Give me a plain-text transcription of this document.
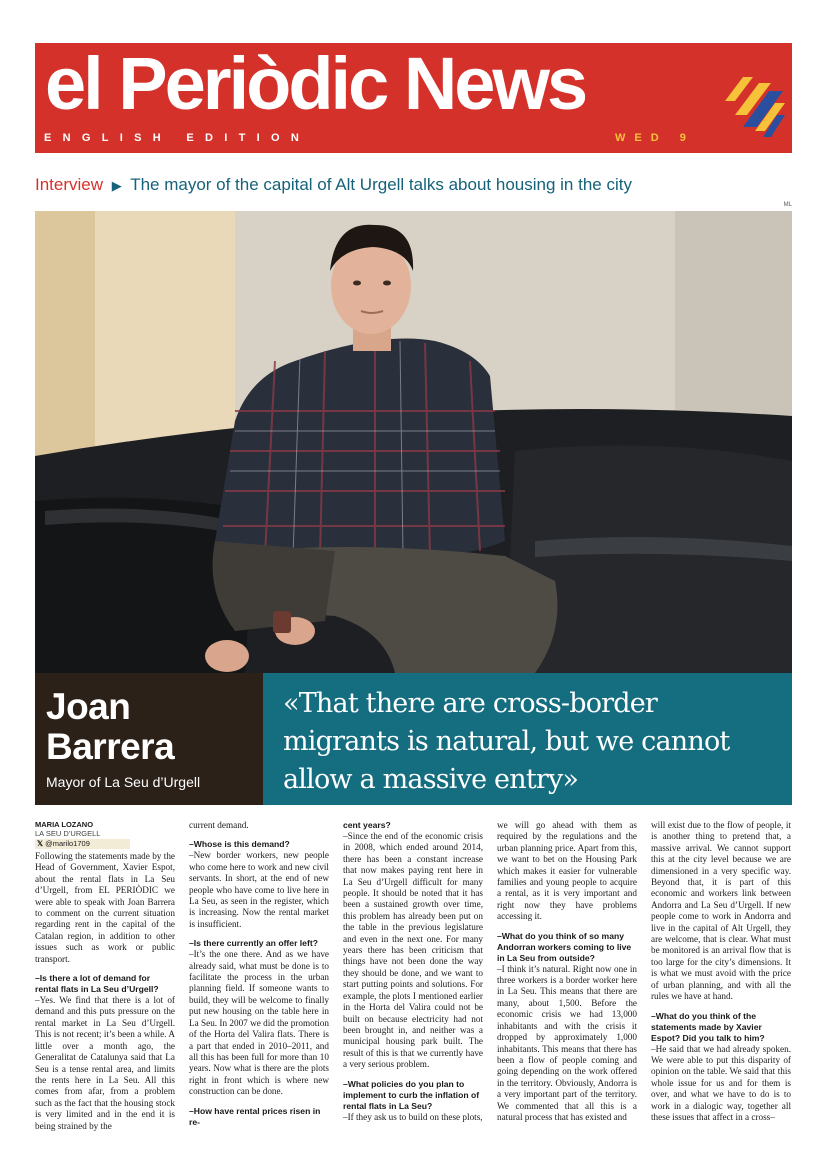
el Periòdic News
ENGLISH EDITION	WED 9
Interview ▶ The mayor of the capital of Alt Urgell talks about housing in the city
ML
Joan
Barrera
Mayor of La Seu d’Urgell
«That there are cross-border migrants is natural, but we cannot allow a massive entry»
MARIA LOZANO
LA SEU D’URGELL
𝕏 @marilo1709

Following the statements made by the Head of Government, Xavier Espot, about the rental flats in La Seu d’Urgell, from EL PERIÒDIC we were able to speak with Joan Barrera to comment on the current situation regarding rent in the capital of the Catalan region, in addition to other issues such as work or public transport.

–Is there a lot of demand for rental flats in La Seu d’Urgell?

–Yes. We find that there is a lot of demand and this puts pressure on the rental market in La Seu d’Urgell. This is not recent; it’s been a while. A little over a month ago, the Generalitat de Catalunya said that La Seu is a tense rental area, and limits the rents here in La Seu. All this comes from afar, from a problem such as the fact that the housing stock is very limited and in the end it is being strained by the

current demand.

–Whose is this demand?

–New border workers, new people who come here to work and new civil servants. In short, at the end of new people who have come to live here in La Seu, as seen in the register, which is increasing. Now the rental market is insufficient.

–Is there currently an offer left?

–It’s the one there. And as we have already said, what must be done is to facilitate the process in the urban planning field. If someone wants to build, they will be welcome to finally put new housing on the table here in La Seu. In 2007 we did the promotion of the Horta del Valira flats. There is a part that ended in 2010–2011, and all this has been full for more than 10 years. Now what is there are the plots right in front which is where new construction can be done.

–How have rental prices risen in re-

cent years?

–Since the end of the economic crisis in 2008, which ended around 2014, there has been a constant increase that now makes paying rent here in La Seu d’Urgell difficult for many people. It should be noted that it has been a sustained growth over time, this problem has already been put on the table in the previous legislature and even in the next one. For many years there has been criticism that things have not been done the way they should be done, and we want to start putting points and solutions. For example, the plots I mentioned earlier in the Horta del Valira could not be built on because electricity had not been brought in, and neither was a municipal housing park built. The result of this is that we currently have a very serious problem.

–What policies do you plan to implement to curb the inflation of rental flats in La Seu?

–If they ask us to build on these plots,

we will go ahead with them as required by the regulations and the urban planning price. Apart from this, we want to bet on the Housing Park which makes it easier for vulnerable families and young people to acquire a rental, as it is very important and right now they have problems accessing it.

–What do you think of so many Andorran workers coming to live in La Seu from outside?

–I think it’s natural. Right now one in three workers is a border worker here in La Seu. This means that there are many, about 1,500. Before the economic crisis we had 13,000 inhabitants and with the crisis it dropped by approximately 1,000 inhabitants. This means that there has been a flow of people coming and going depending on the work offered in the territory. Obviously, Andorra is a very important part of the territory. We commented that all this is a natural process that has existed and

will exist due to the flow of people, it is another thing to pretend that, a massive arrival. We cannot support this at the city level because we are dimensioned in a very specific way. Beyond that, it is part of this economic and workers link between Andorra and La Seu d’Urgell. If new people come to work in Andorra and live in the capital of Alt Urgell, they are welcome, that is clear. What must be monitored is an arrival flow that is too large for the city’s dimensions. It is what we must avoid with the price of urban planning, and with all the rules we have at hand.

–What do you think of the statements made by Xavier Espot? Did you talk to him?

–He said that we had already spoken. We were able to put this disparity of opinion on the table. We said that this whole issue for us and for them is over, and what we have to do is to work in a dialogic way, together all these issues that affect in a cross–
